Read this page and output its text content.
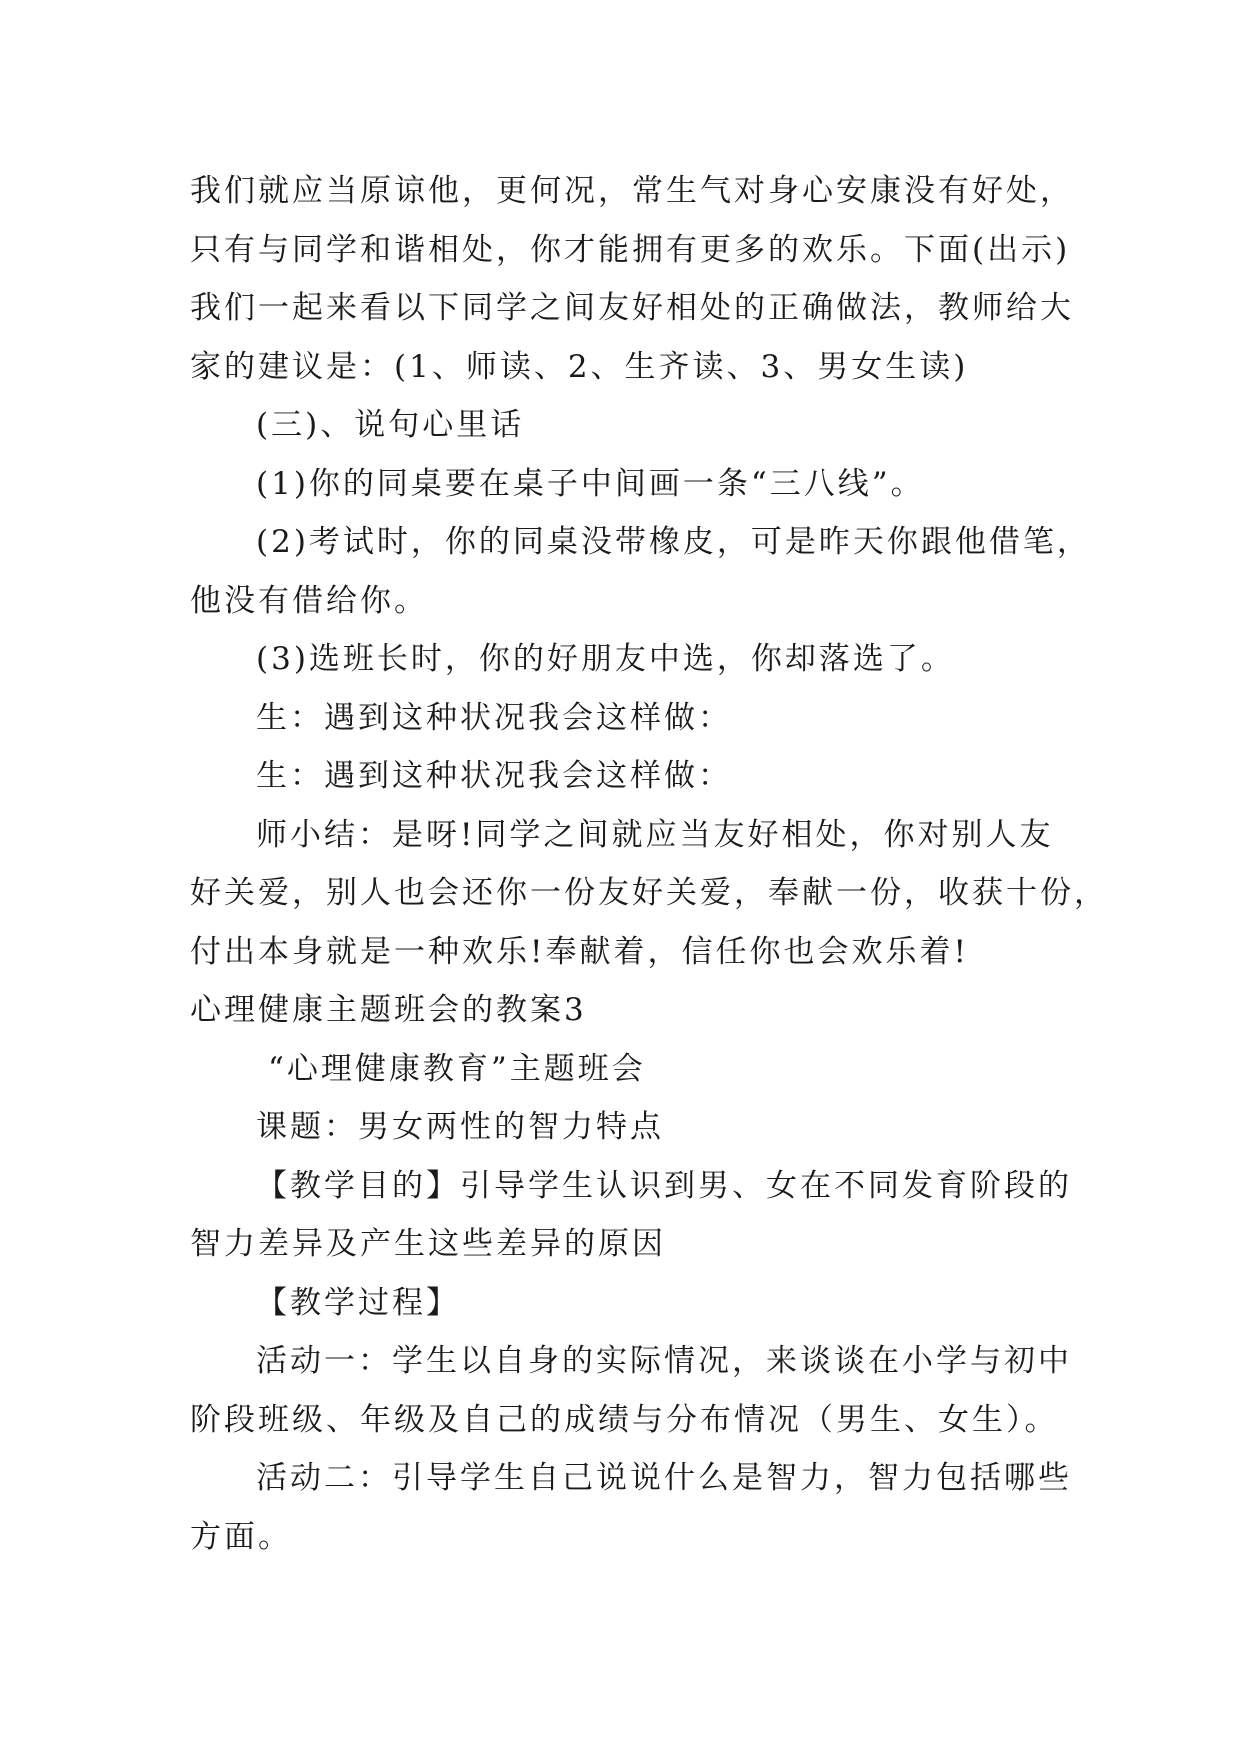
我们就应当原谅他，更何况，常生气对身心安康没有好处，
只有与同学和谐相处，你才能拥有更多的欢乐。下面(出示)
我们一起来看以下同学之间友好相处的正确做法，教师给大
家的建议是：(1、师读、2、生齐读、3、男女生读)
(三)、说句心里话
(1)你的同桌要在桌子中间画一条“三八线”。
(2)考试时，你的同桌没带橡皮，可是昨天你跟他借笔，
他没有借给你。
(3)选班长时，你的好朋友中选，你却落选了。
生：遇到这种状况我会这样做：
生：遇到这种状况我会这样做：
师小结：是呀!同学之间就应当友好相处，你对别人友
好关爱，别人也会还你一份友好关爱，奉献一份，收获十份，
付出本身就是一种欢乐!奉献着，信任你也会欢乐着!
心理健康主题班会的教案3
“心理健康教育”主题班会
课题：男女两性的智力特点
【教学目的】引导学生认识到男、女在不同发育阶段的
智力差异及产生这些差异的原因
【教学过程】
活动一：学生以自身的实际情况，来谈谈在小学与初中
阶段班级、年级及自己的成绩与分布情况（男生、女生）。
活动二：引导学生自己说说什么是智力，智力包括哪些
方面。
